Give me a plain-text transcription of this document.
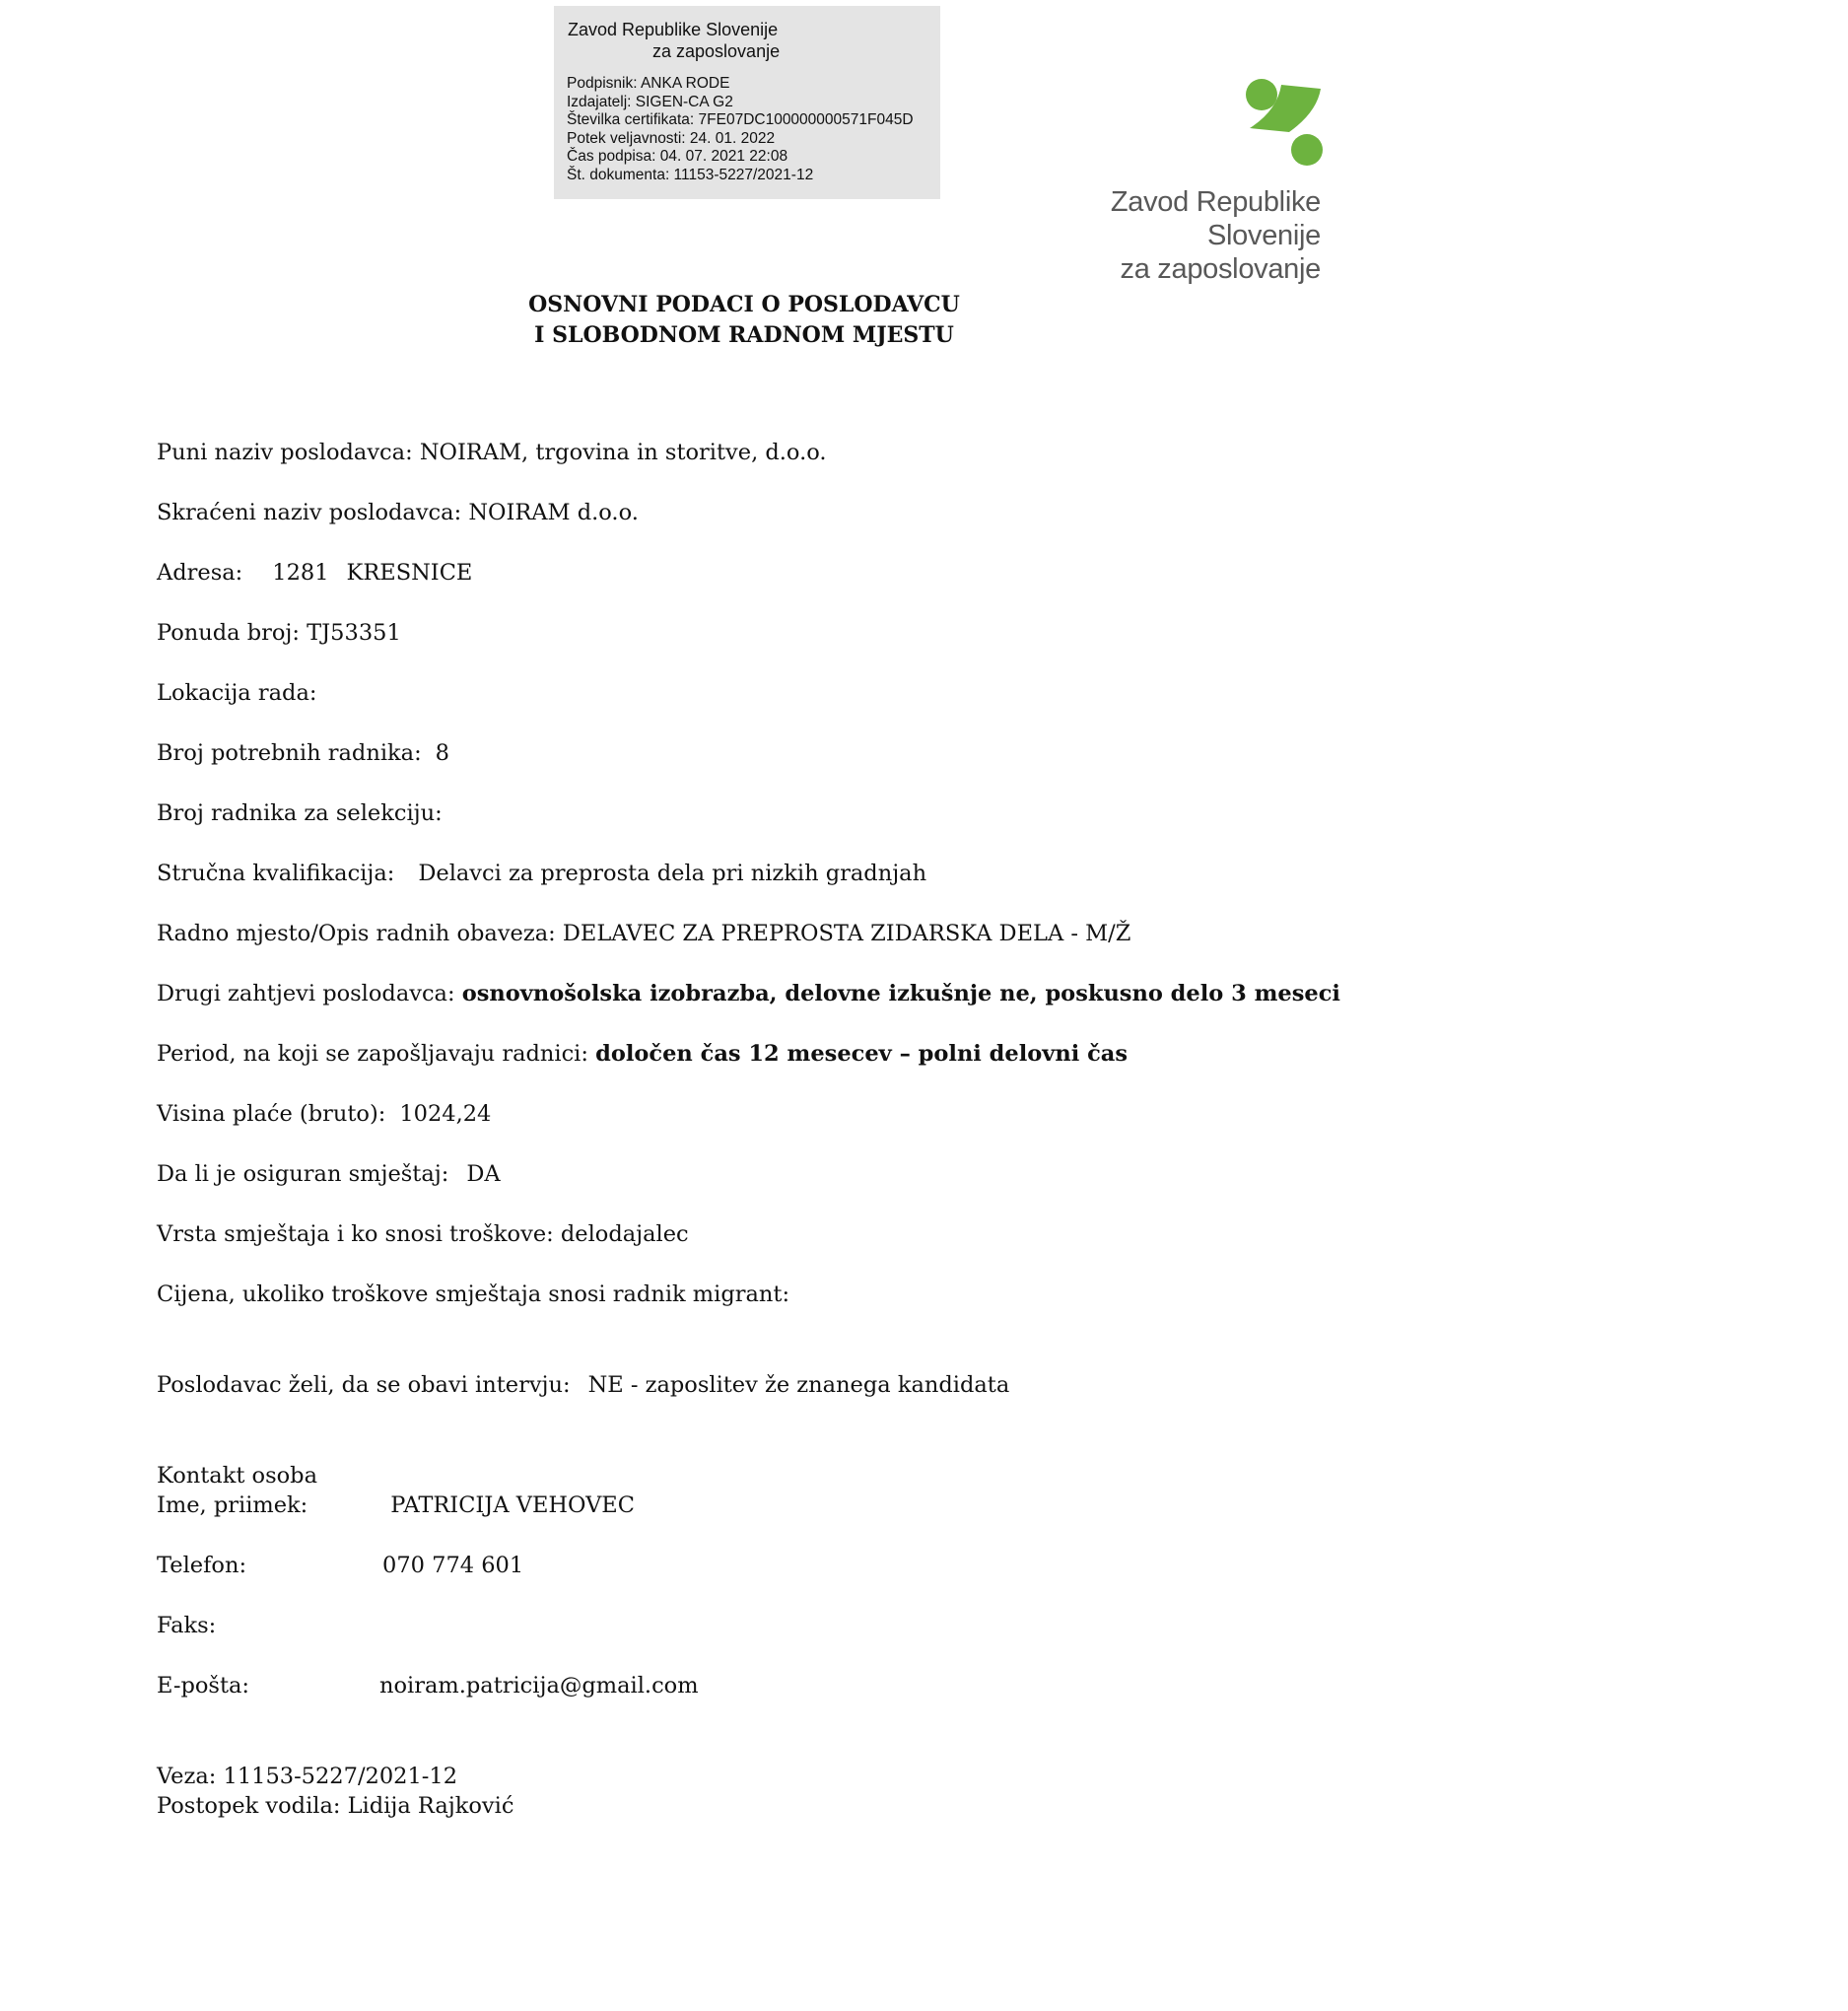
Zavod Republike Slovenije
za zaposlovanje
Podpisnik: ANKA RODE
Izdajatelj: SIGEN-CA G2
Številka certifikata: 7FE07DC100000000571F045D
Potek veljavnosti: 24. 01. 2022
Čas podpisa: 04. 07. 2021 22:08
Št. dokumenta: 11153-5227/2021-12
Zavod Republike Slovenije
za zaposlovanje
OSNOVNI PODACI O POSLODAVCU
I SLOBODNOM RADNOM MJESTU
Puni naziv poslodavca: NOIRAM, trgovina in storitve, d.o.o.
Skraćeni naziv poslodavca: NOIRAM d.o.o.
Adresa: 1281 KRESNICE
Ponuda broj: TJ53351
Lokacija rada:
Broj potrebnih radnika: 8
Broj radnika za selekciju:
Stručna kvalifikacija: Delavci za preprosta dela pri nizkih gradnjah
Radno mjesto/Opis radnih obaveza: DELAVEC ZA PREPROSTA ZIDARSKA DELA - M/Ž
Drugi zahtjevi poslodavca: osnovnošolska izobrazba, delovne izkušnje ne, poskusno delo 3 meseci
Period, na koji se zapošljavaju radnici: določen čas 12 mesecev – polni delovni čas
Visina plaće (bruto): 1024,24
Da li je osiguran smještaj: DA
Vrsta smještaja i ko snosi troškove: delodajalec
Cijena, ukoliko troškove smještaja snosi radnik migrant:
Poslodavac želi, da se obavi intervju: NE - zaposlitev že znanega kandidata
Kontakt osoba
Ime, priimek:	PATRICIJA VEHOVEC
Telefon:	070 774 601
Faks:
E-pošta:	noiram.patricija@gmail.com
Veza: 11153-5227/2021-12
Postopek vodila: Lidija Rajković
